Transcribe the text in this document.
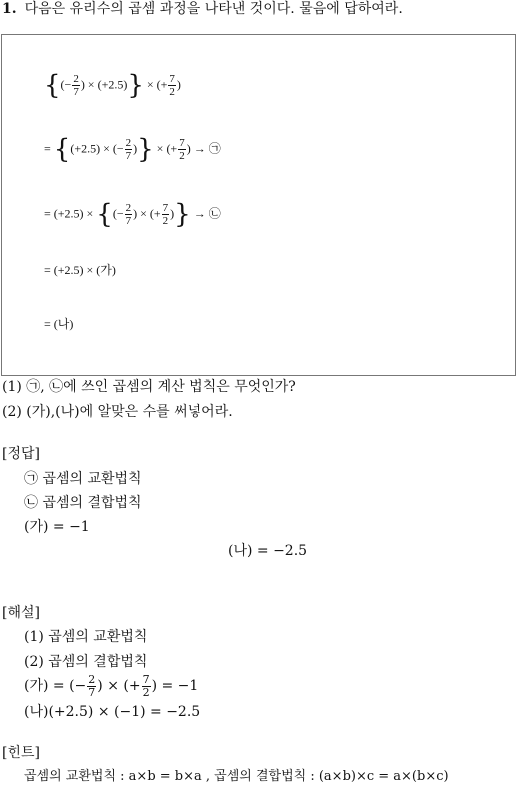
1. 다음은 유리수의 곱셈 과정을 나타낸 것이다. 물음에 답하여라.
{(− $\frac{2}{7}$ ) × (+2.5)} × (+ $\frac{7}{2}$ )
= {(+2.5) × (− $\frac{2}{7}$ )} × (+ $\frac{7}{2}$ ) → ㉠
= (+2.5) × {(− $\frac{2}{7}$ ) × (+ $\frac{7}{2}$ )} → ㉡
= (+2.5) × (가)
= (나)
(1) ㉠, ㉡에 쓰인 곱셈의 계산 법칙은 무엇인가?
(2) (가),(나)에 알맞은 수를 써넣어라.
[정답]
㉠ 곱셈의 교환법칙
㉡ 곱셈의 결합법칙
(가) = −1
(나) = −2.5
[해설]
(1) 곱셈의 교환법칙
(2) 곱셈의 결합법칙
(가) = (− $\frac{2}{7}$ ) × (+ $\frac{7}{2}$ ) = −1
(나)(+2.5) × (−1) = −2.5
[힌트]
곱셈의 교환법칙 : a×b = b×a , 곱셈의 결합법칙 : (a×b)×c = a×(b×c)
